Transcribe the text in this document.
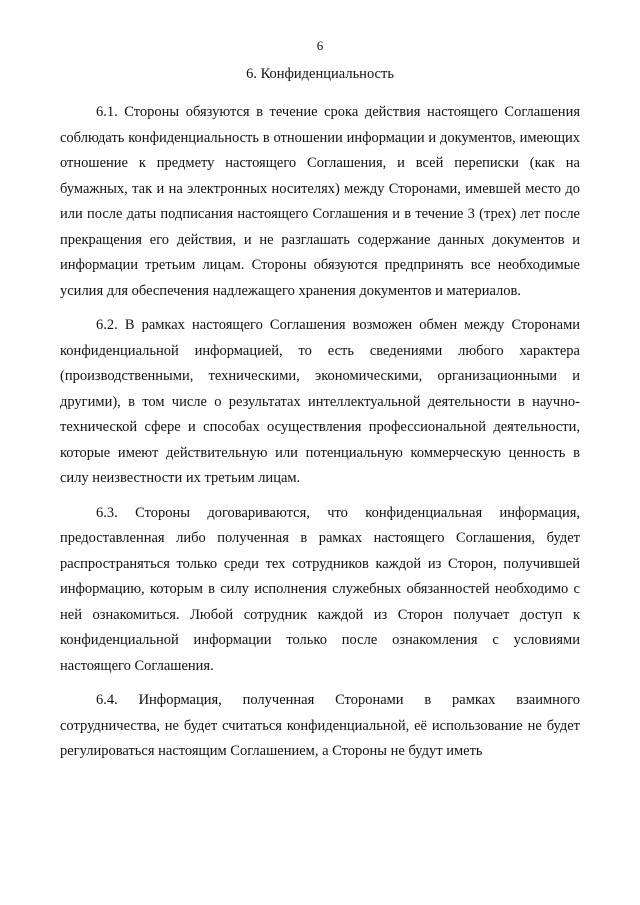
6
6. Конфиденциальность

6.1. Стороны обязуются в течение срока действия настоящего Соглашения соблюдать конфиденциальность в отношении информации и документов, имеющих отношение к предмету настоящего Соглашения, и всей переписки (как на бумажных, так и на электронных носителях) между Сторонами, имевшей место до или после даты подписания настоящего Соглашения и в течение 3 (трех) лет после прекращения его действия, и не разглашать содержание данных документов и информации третьим лицам. Стороны обязуются предпринять все необходимые усилия для обеспечения надлежащего хранения документов и материалов.

6.2. В рамках настоящего Соглашения возможен обмен между Сторонами конфиденциальной информацией, то есть сведениями любого характера (производственными, техническими, экономическими, организационными и другими), в том числе о результатах интеллектуальной деятельности в научно-технической сфере и способах осуществления профессиональной деятельности, которые имеют действительную или потенциальную коммерческую ценность в силу неизвестности их третьим лицам.

6.3. Стороны договариваются, что конфиденциальная информация, предоставленная либо полученная в рамках настоящего Соглашения, будет распространяться только среди тех сотрудников каждой из Сторон, получившей информацию, которым в силу исполнения служебных обязанностей необходимо с ней ознакомиться. Любой сотрудник каждой из Сторон получает доступ к конфиденциальной информации только после ознакомления с условиями настоящего Соглашения.

6.4. Информация, полученная Сторонами в рамках взаимного сотрудничества, не будет считаться конфиденциальной, её использование не будет регулироваться настоящим Соглашением, а Стороны не будут иметь
